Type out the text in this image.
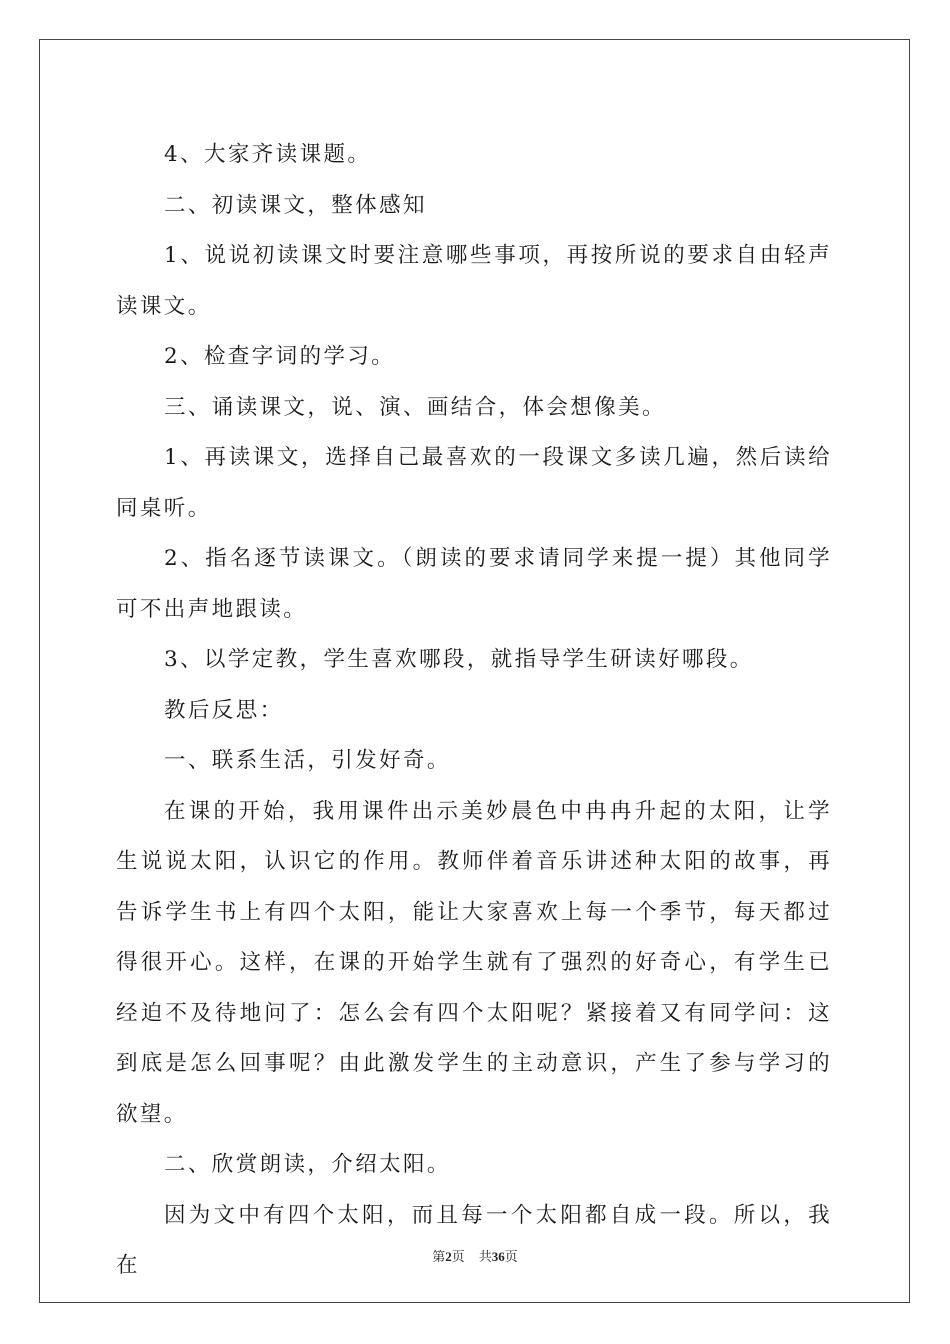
4、大家齐读课题。

二、初读课文，整体感知

1、说说初读课文时要注意哪些事项，再按所说的要求自由轻声读课文。

2、检查字词的学习。

三、诵读课文，说、演、画结合，体会想像美。

1、再读课文，选择自己最喜欢的一段课文多读几遍，然后读给同桌听。

2、指名逐节读课文。（朗读的要求请同学来提一提）其他同学可不出声地跟读。

3、以学定教，学生喜欢哪段，就指导学生研读好哪段。

教后反思：

一、联系生活，引发好奇。

在课的开始，我用课件出示美妙晨色中冉冉升起的太阳，让学生说说太阳，认识它的作用。教师伴着音乐讲述种太阳的故事，再告诉学生书上有四个太阳，能让大家喜欢上每一个季节，每天都过得很开心。这样，在课的开始学生就有了强烈的好奇心，有学生已经迫不及待地问了：怎么会有四个太阳呢？紧接着又有同学问：这到底是怎么回事呢？由此激发学生的主动意识，产生了参与学习的欲望。

二、欣赏朗读，介绍太阳。

因为文中有四个太阳，而且每一个太阳都自成一段。所以，我在	第2页 共36页
